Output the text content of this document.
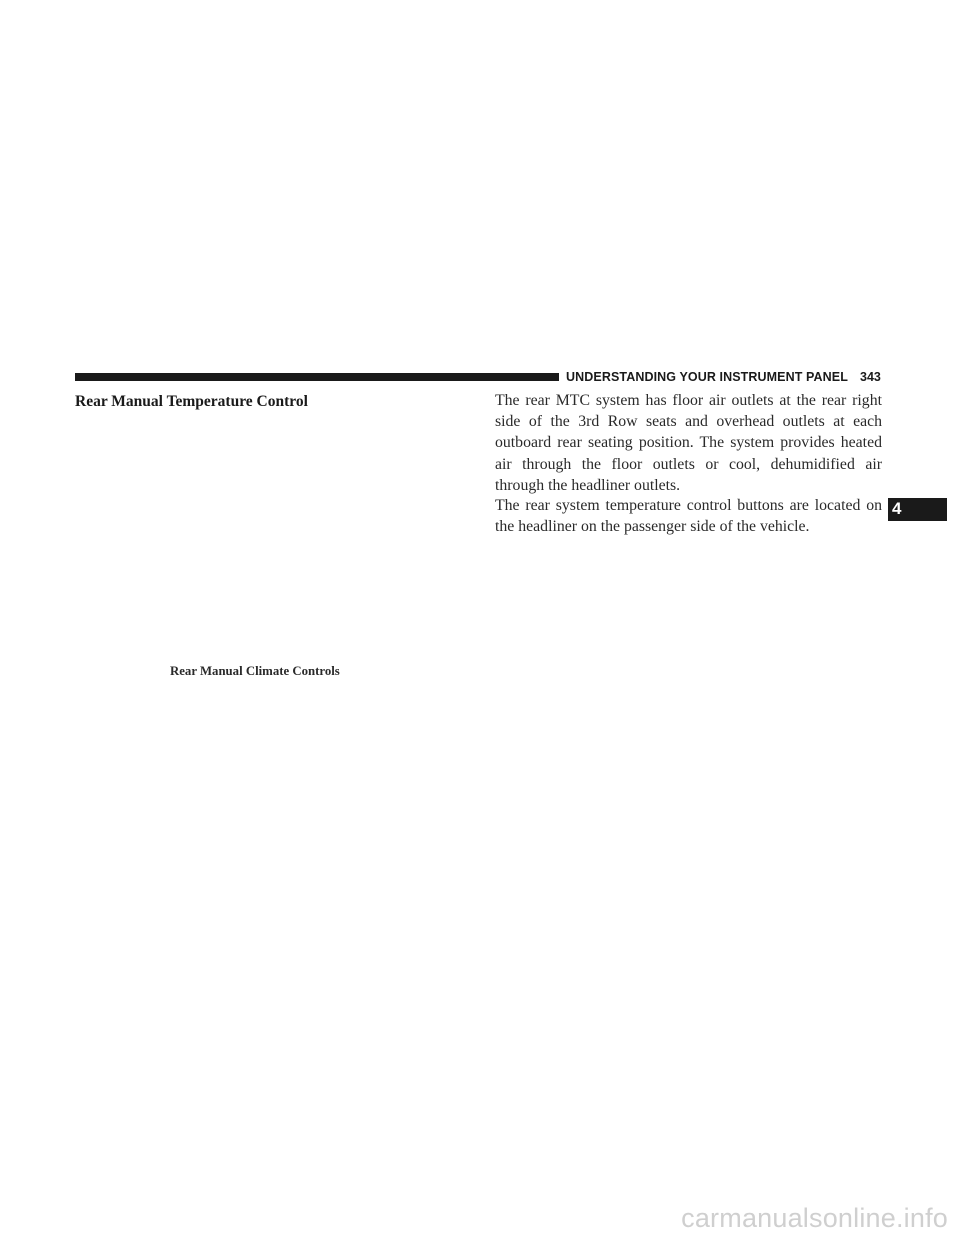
UNDERSTANDING YOUR INSTRUMENT PANEL 343
Rear Manual Temperature Control
Rear Manual Climate Controls

The rear MTC system has floor air outlets at the rear right side of the 3rd Row seats and overhead outlets at each outboard rear seating position. The system provides heated air through the floor outlets or cool, dehumidified air through the headliner outlets.

The rear system temperature control buttons are located on the headliner on the passenger side of the vehicle.

4
carmanualsonline.info
